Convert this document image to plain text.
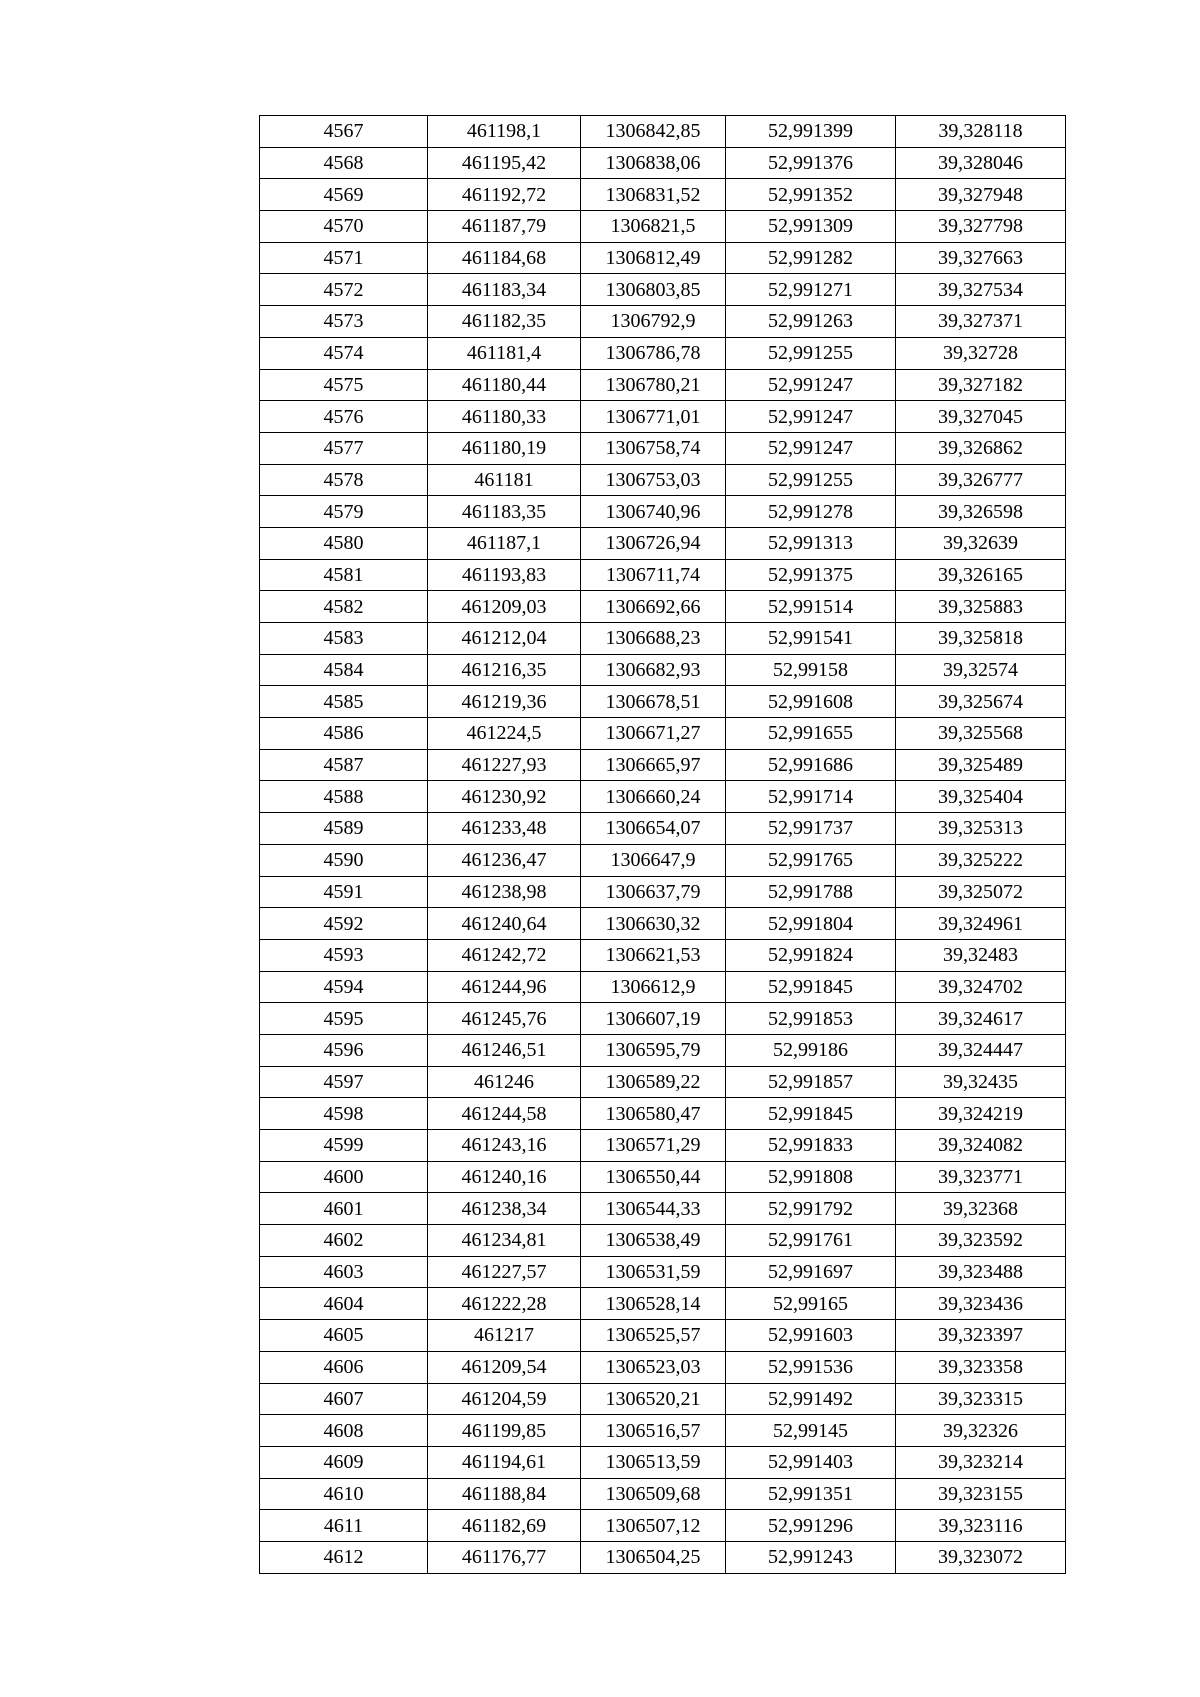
4567	461198,1	1306842,85	52,991399	39,328118
4568	461195,42	1306838,06	52,991376	39,328046
4569	461192,72	1306831,52	52,991352	39,327948
4570	461187,79	1306821,5	52,991309	39,327798
4571	461184,68	1306812,49	52,991282	39,327663
4572	461183,34	1306803,85	52,991271	39,327534
4573	461182,35	1306792,9	52,991263	39,327371
4574	461181,4	1306786,78	52,991255	39,32728
4575	461180,44	1306780,21	52,991247	39,327182
4576	461180,33	1306771,01	52,991247	39,327045
4577	461180,19	1306758,74	52,991247	39,326862
4578	461181	1306753,03	52,991255	39,326777
4579	461183,35	1306740,96	52,991278	39,326598
4580	461187,1	1306726,94	52,991313	39,32639
4581	461193,83	1306711,74	52,991375	39,326165
4582	461209,03	1306692,66	52,991514	39,325883
4583	461212,04	1306688,23	52,991541	39,325818
4584	461216,35	1306682,93	52,99158	39,32574
4585	461219,36	1306678,51	52,991608	39,325674
4586	461224,5	1306671,27	52,991655	39,325568
4587	461227,93	1306665,97	52,991686	39,325489
4588	461230,92	1306660,24	52,991714	39,325404
4589	461233,48	1306654,07	52,991737	39,325313
4590	461236,47	1306647,9	52,991765	39,325222
4591	461238,98	1306637,79	52,991788	39,325072
4592	461240,64	1306630,32	52,991804	39,324961
4593	461242,72	1306621,53	52,991824	39,32483
4594	461244,96	1306612,9	52,991845	39,324702
4595	461245,76	1306607,19	52,991853	39,324617
4596	461246,51	1306595,79	52,99186	39,324447
4597	461246	1306589,22	52,991857	39,32435
4598	461244,58	1306580,47	52,991845	39,324219
4599	461243,16	1306571,29	52,991833	39,324082
4600	461240,16	1306550,44	52,991808	39,323771
4601	461238,34	1306544,33	52,991792	39,32368
4602	461234,81	1306538,49	52,991761	39,323592
4603	461227,57	1306531,59	52,991697	39,323488
4604	461222,28	1306528,14	52,99165	39,323436
4605	461217	1306525,57	52,991603	39,323397
4606	461209,54	1306523,03	52,991536	39,323358
4607	461204,59	1306520,21	52,991492	39,323315
4608	461199,85	1306516,57	52,99145	39,32326
4609	461194,61	1306513,59	52,991403	39,323214
4610	461188,84	1306509,68	52,991351	39,323155
4611	461182,69	1306507,12	52,991296	39,323116
4612	461176,77	1306504,25	52,991243	39,323072
